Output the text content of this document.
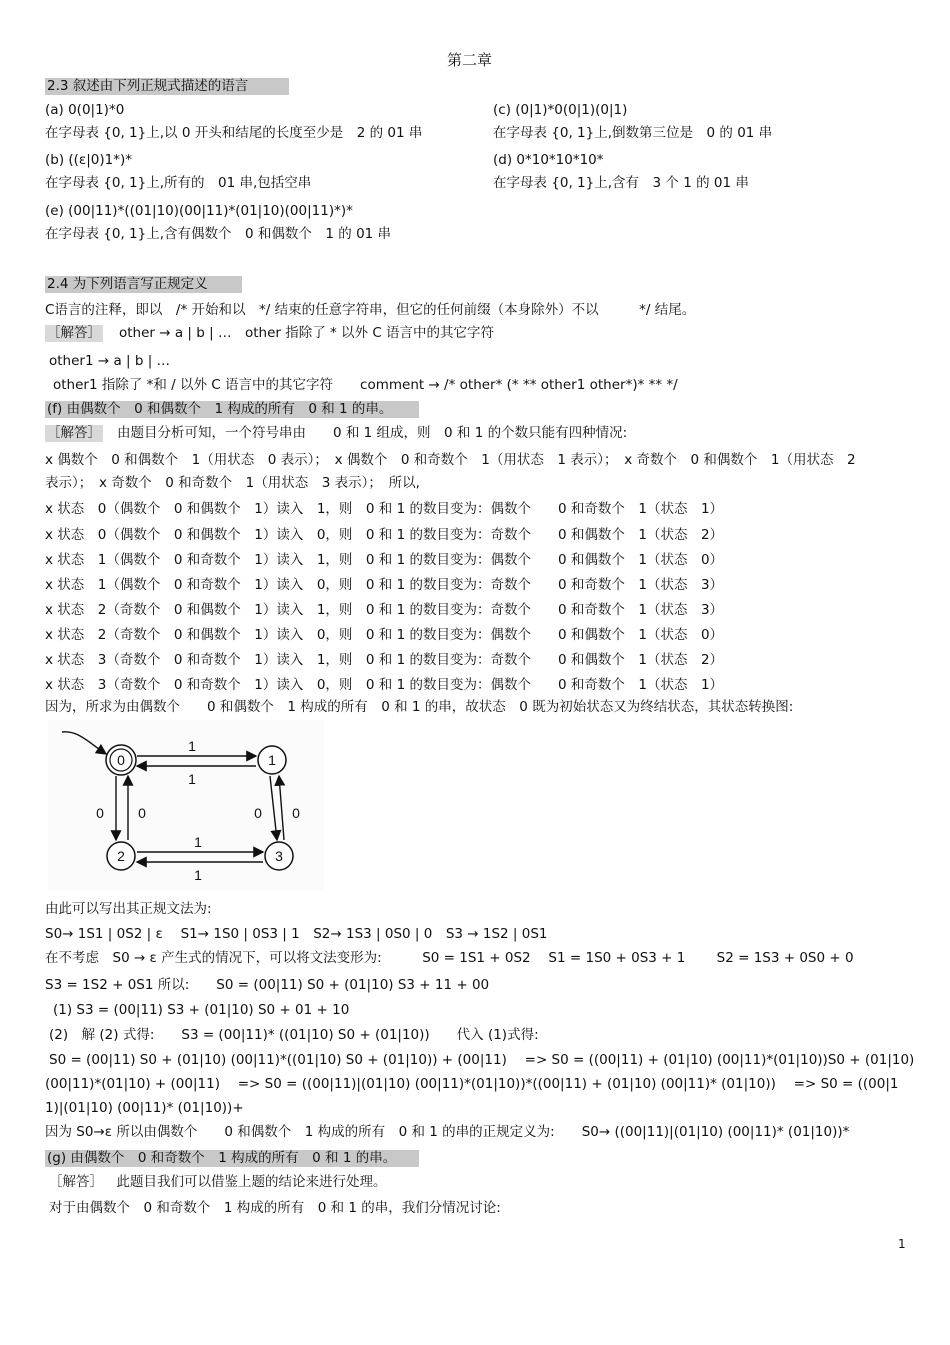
第二章
2.3 叙述由下列正规式描述的语言
(a) 0(0|1)*0
在字母表 {0, 1}上,以 0 开头和结尾的长度至少是　2 的 01 串
(c) (0|1)*0(0|1)(0|1)
在字母表 {0, 1}上,倒数第三位是　0 的 01 串
(b) ((ε|0)1*)*
在字母表 {0, 1}上,所有的　01 串,包括空串
(d) 0*10*10*10*
在字母表 {0, 1}上,含有　3 个 1 的 01 串
(e) (00|11)*((01|10)(00|11)*(01|10)(00|11)*)*
在字母表 {0, 1}上,含有偶数个　0 和偶数个　1 的 01 串
2.4 为下列语言写正规定义
C语言的注释，即以　/* 开始和以　*/ 结束的任意字符串，但它的任何前缀（本身除外）不以　　　*/ 结尾。
［解答］ other → a | b | …　other 指除了 * 以外 C 语言中的其它字符
other1 → a | b | …
other1 指除了 *和 / 以外 C 语言中的其它字符　　comment → /* other* (* ** other1 other*)* ** */
(f) 由偶数个　0 和偶数个　1 构成的所有　0 和 1 的串。
［解答］ 由题目分析可知，一个符号串由　　0 和 1 组成，则　0 和 1 的个数只能有四种情况:
x 偶数个　0 和偶数个　1（用状态　0 表示）；　x 偶数个　0 和奇数个　1（用状态　1 表示）；　x 奇数个　0 和偶数个　1（用状态　2
表示）；　x 奇数个　0 和奇数个　1（用状态　3 表示）；　所以,
x 状态　0（偶数个　0 和偶数个　1）读入　1，则　0 和 1 的数目变为：偶数个　　0 和奇数个　1（状态　1）
x 状态　0（偶数个　0 和偶数个　1）读入　0，则　0 和 1 的数目变为：奇数个　　0 和偶数个　1（状态　2）
x 状态　1（偶数个　0 和奇数个　1）读入　1，则　0 和 1 的数目变为：偶数个　　0 和偶数个　1（状态　0）
x 状态　1（偶数个　0 和奇数个　1）读入　0，则　0 和 1 的数目变为：奇数个　　0 和奇数个　1（状态　3）
x 状态　2（奇数个　0 和偶数个　1）读入　1，则　0 和 1 的数目变为：奇数个　　0 和奇数个　1（状态　3）
x 状态　2（奇数个　0 和偶数个　1）读入　0，则　0 和 1 的数目变为：偶数个　　0 和偶数个　1（状态　0）
x 状态　3（奇数个　0 和奇数个　1）读入　1，则　0 和 1 的数目变为：奇数个　　0 和偶数个　1（状态　2）
x 状态　3（奇数个　0 和奇数个　1）读入　0，则　0 和 1 的数目变为：偶数个　　0 和奇数个　1（状态　1）
因为，所求为由偶数个　　0 和偶数个　1 构成的所有　0 和 1 的串，故状态　0 既为初始状态又为终结状态，其状态转换图:
0	1
2	3
1
1
1
1
0 0	0 0
由此可以写出其正规文法为:
S0→ 1S1 | 0S2 | ε　 S1→ 1S0 | 0S3 | 1　S2→ 1S3 | 0S0 | 0　S3 → 1S2 | 0S1
在不考虑　S0 → ε 产生式的情况下，可以将文法变形为:　　　S0 = 1S1 + 0S2　 S1 = 1S0 + 0S3 + 1　　 S2 = 1S3 + 0S0 + 0
S3 = 1S2 + 0S1 所以:　　S0 = (00|11) S0 + (01|10) S3 + 11 + 00
(1) S3 = (00|11) S3 + (01|10) S0 + 01 + 10
(2)　解 (2) 式得:　　S3 = (00|11)* ((01|10) S0 + (01|10))　　代入 (1)式得:
S0 = (00|11) S0 + (01|10) (00|11)*((01|10) S0 + (01|10)) + (00|11)　 => S0 = ((00|11) + (01|10) (00|11)*(01|10))S0 + (01|10)
(00|11)*(01|10) + (00|11)　 => S0 = ((00|11)|(01|10) (00|11)*(01|10))*((00|11) + (01|10) (00|11)* (01|10))　 => S0 = ((00|1
1)|(01|10) (00|11)* (01|10))+
因为 S0→ε 所以由偶数个　　0 和偶数个　1 构成的所有　0 和 1 的串的正规定义为:　　S0→ ((00|11)|(01|10) (00|11)* (01|10))*
(g) 由偶数个　0 和奇数个　1 构成的所有　0 和 1 的串。
［解答］ 　此题目我们可以借鉴上题的结论来进行处理。
对于由偶数个　0 和奇数个　1 构成的所有　0 和 1 的串，我们分情况讨论:
1
